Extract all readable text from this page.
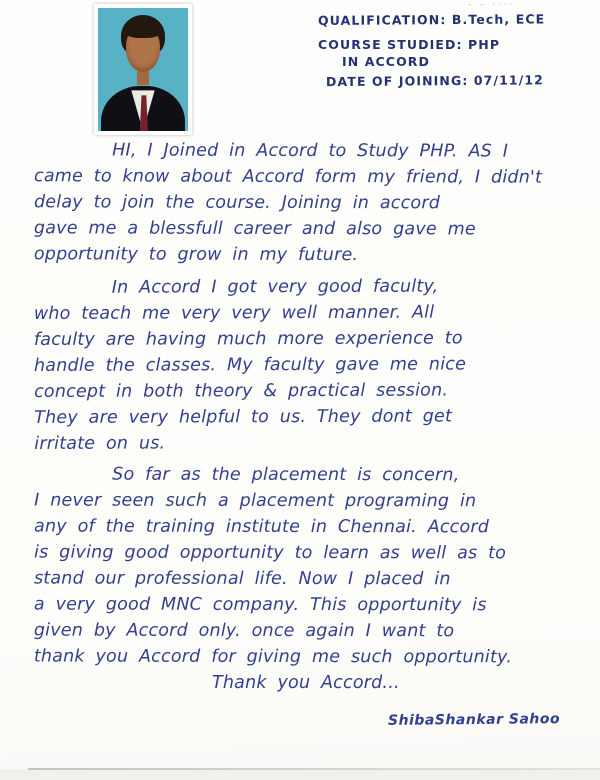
- - ····
QUALIFICATION: B.Tech, ECE
COURSE STUDIED: PHP
IN ACCORD
DATE OF JOINING: 07/11/12
HI, I Joined in Accord to Study PHP. AS I
came to know about Accord form my friend, I didn't
delay to join the course. Joining in accord
gave me a blessfull career and also gave me
opportunity to grow in my future.
In Accord I got very good faculty,
who teach me very very well manner. All
faculty are having much more experience to
handle the classes. My faculty gave me nice
concept in both theory & practical session.
They are very helpful to us. They dont get
irritate on us.
So far as the placement is concern,
I never seen such a placement programing in
any of the training institute in Chennai. Accord
is giving good opportunity to learn as well as to
stand our professional life. Now I placed in
a very good MNC company. This opportunity is
given by Accord only. once again I want to
thank you Accord for giving me such opportunity.
Thank you Accord...
ShibaShankar Sahoo
